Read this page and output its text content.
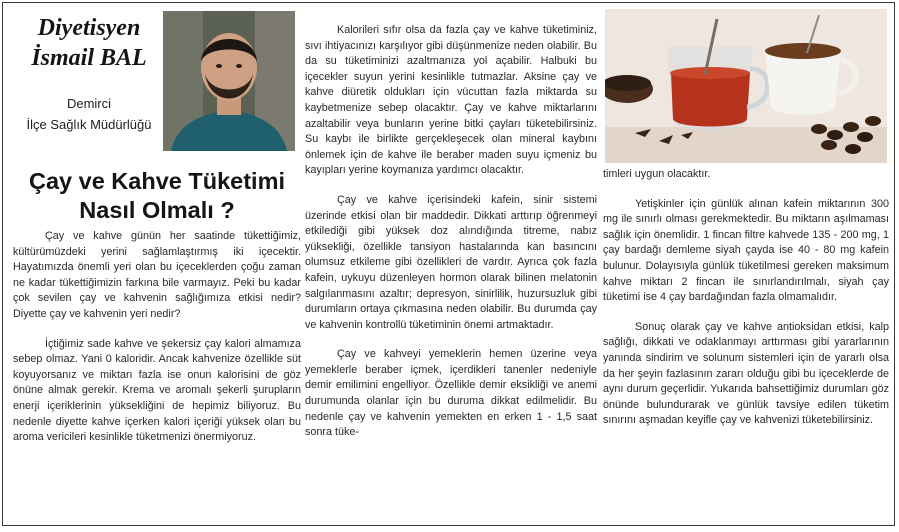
Diyetisyen
İsmail BAL

Demirci
İlçe Sağlık Müdürlüğü

Çay ve Kahve Tüketimi
Nasıl Olmalı ?

Çay ve kahve günün her saatinde tükettiğimiz, kültürümüzdeki yerini sağlamlaştırmış iki içecektir. Hayatımızda önemli yeri olan bu içeceklerden çoğu zaman ne kadar tükettiğimizin farkına bile varmayız. Peki bu kadar çok sevilen çay ve kahvenin sağlığımıza etkisi nedir? Diyette çay ve kahvenin yeri nedir?

İçtiğimiz sade kahve ve şekersiz çay kalori almamıza sebep olmaz. Yani 0 kaloridir. Ancak kahvenize özellikle süt koyuyorsanız ve miktarı fazla ise onun kalorisini de göz önüne almak gerekir. Krema ve aromalı şekerli şurupların enerji içeriklerinin yüksekliğini de hepimiz biliyoruz. Bu nedenle diyette kahve içerken kalori içeriği yüksek olan bu aroma vericileri kesinlikle tüketmenizi önermiyoruz.

Kalorileri sıfır olsa da fazla çay ve kahve tüketiminiz, sıvı ihtiyacınızı karşılıyor gibi düşünmenize neden olabilir. Bu da su tüketiminizi azaltmanıza yol açabilir. Halbuki bu içecekler suyun yerini kesinlikle tutmazlar. Aksine çay ve kahve diüretik oldukları için vücuttan fazla miktarda su kaybetmenize sebep olacaktır. Çay ve kahve miktarlarını azaltabilir veya bunların yerine bitki çayları tüketebilirsiniz. Su kaybı ile birlikte gerçekleşecek olan mineral kaybını önlemek için de kahve ile beraber maden suyu içmeniz bu kayıpları yerine koymanıza yardımcı olacaktır.

Çay ve kahve içerisindeki kafein, sinir sistemi üzerinde etkisi olan bir maddedir. Dikkati arttırıp öğrenmeyi etkilediği gibi yüksek doz alındığında titreme, nabız yüksekliği, özellikle tansiyon hastalarında kan basıncını olumsuz etkileme gibi özellikleri de vardır. Ayrıca çok fazla kafein, uykuyu düzenleyen hormon olarak bilinen melatonin salgılanmasını azaltır; depresyon, sinirlilik, huzursuzluk gibi durumların ortaya çıkmasına neden olabilir. Bu durumda çay ve kahvenin kontrollü tüketiminin önemi artmaktadır.

Çay ve kahveyi yemeklerin hemen üzerine veya yemeklerle beraber içmek, içerdikleri tanenler nedeniyle demir emilimini engelliyor. Özellikle demir eksikliği ve anemi durumunda olanlar için bu duruma dikkat edilmelidir. Bu nedenle çay ve kahvenin yemekten en erken 1 - 1,5 saat sonra tüke-

timleri uygun olacaktır.

Yetişkinler için günlük alınan kafein miktarının 300 mg ile sınırlı olması gerekmektedir. Bu miktarın aşılmaması sağlık için önemlidir. 1 fincan filtre kahvede 135 - 200 mg, 1 çay bardağı demleme siyah çayda ise 40 - 80 mg kafein bulunur. Dolayısıyla günlük tüketilmesi gereken maksimum kahve miktarı 2 fincan ile sınırlandırılmalı, siyah çay tüketimi ise 4 çay bardağından fazla olmamalıdır.

Sonuç olarak çay ve kahve antioksidan etkisi, kalp sağlığı, dikkati ve odaklanmayı arttırması gibi yararlarının yanında sindirim ve solunum sistemleri için de yararlı olsa da her şeyin fazlasının zararı olduğu gibi bu içeceklerde de aynı durum geçerlidir. Yukarıda bahsettiğimiz durumları göz önünde bulundurarak ve günlük tavsiye edilen tüketim sınırını aşmadan keyifle çay ve kahvenizi tüketebilirsiniz.
